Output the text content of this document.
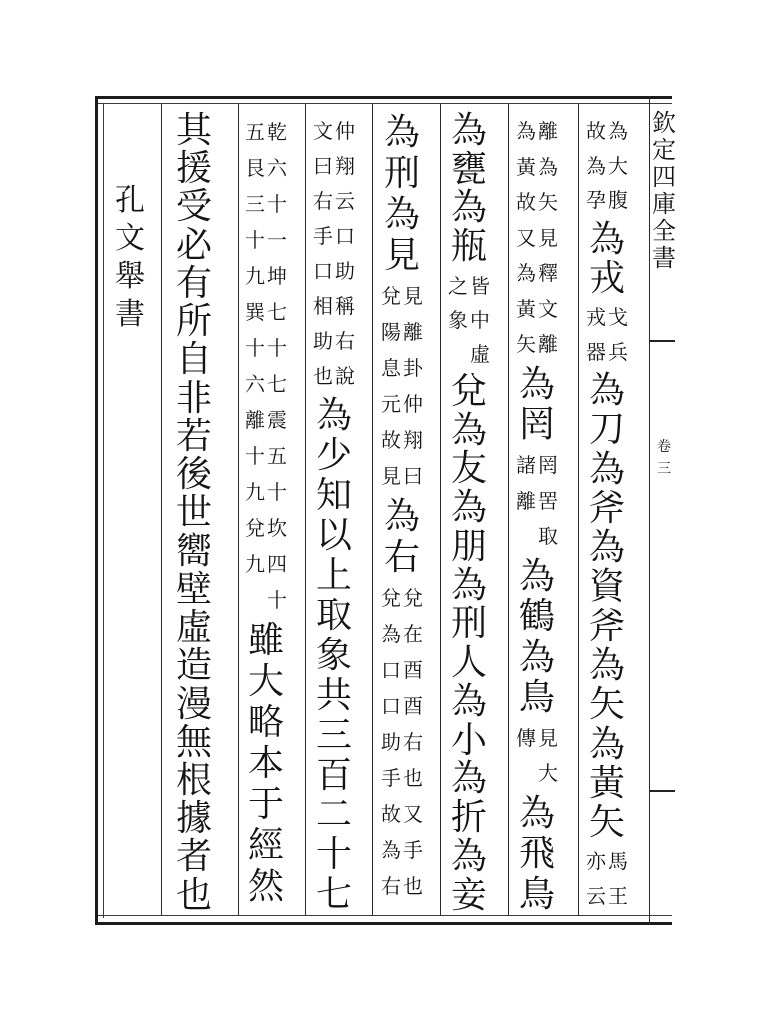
欽
定
四
庫
全
書
卷
三
孔
文
舉
書
為
大
腹
故
為
孕
為
戎
戈
兵
戎
器
為
刀
為
斧
為
資
斧
為
矢
為
黃
矢
馬
王
亦
云
離
為
矢
見
釋
文
離
為
黃
故
又
為
黃
矢
為
罔
罔
罟
取
諸
離
為
鶴
為
鳥
見
大
傳
為
飛
鳥
為
甕
為
瓶
皆
中
虛
之
象
兌
為
友
為
朋
為
刑
人
為
小
為
折
為
妾
為
刑
為
見
見
離
卦
仲
翔
曰
兌
陽
息
元
故
見
為
右
兌
在
酉
酉
右
也
又
手
也
兌
為
口
口
助
手
故
為
右
仲
翔
云
口
助
稱
右
說
文
曰
右
手
口
相
助
也
為
少
知
以
上
取
象
共
三
百
二
十
七
乾
六
十
一
坤
七
十
七
震
五
十
坎
四
十
五
艮
三
十
九
巽
十
六
離
十
九
兌
九
雖
大
略
本
于
經
然
其
援
受
必
有
所
自
非
若
後
世
嚮
壁
虛
造
漫
無
根
據
者
也
